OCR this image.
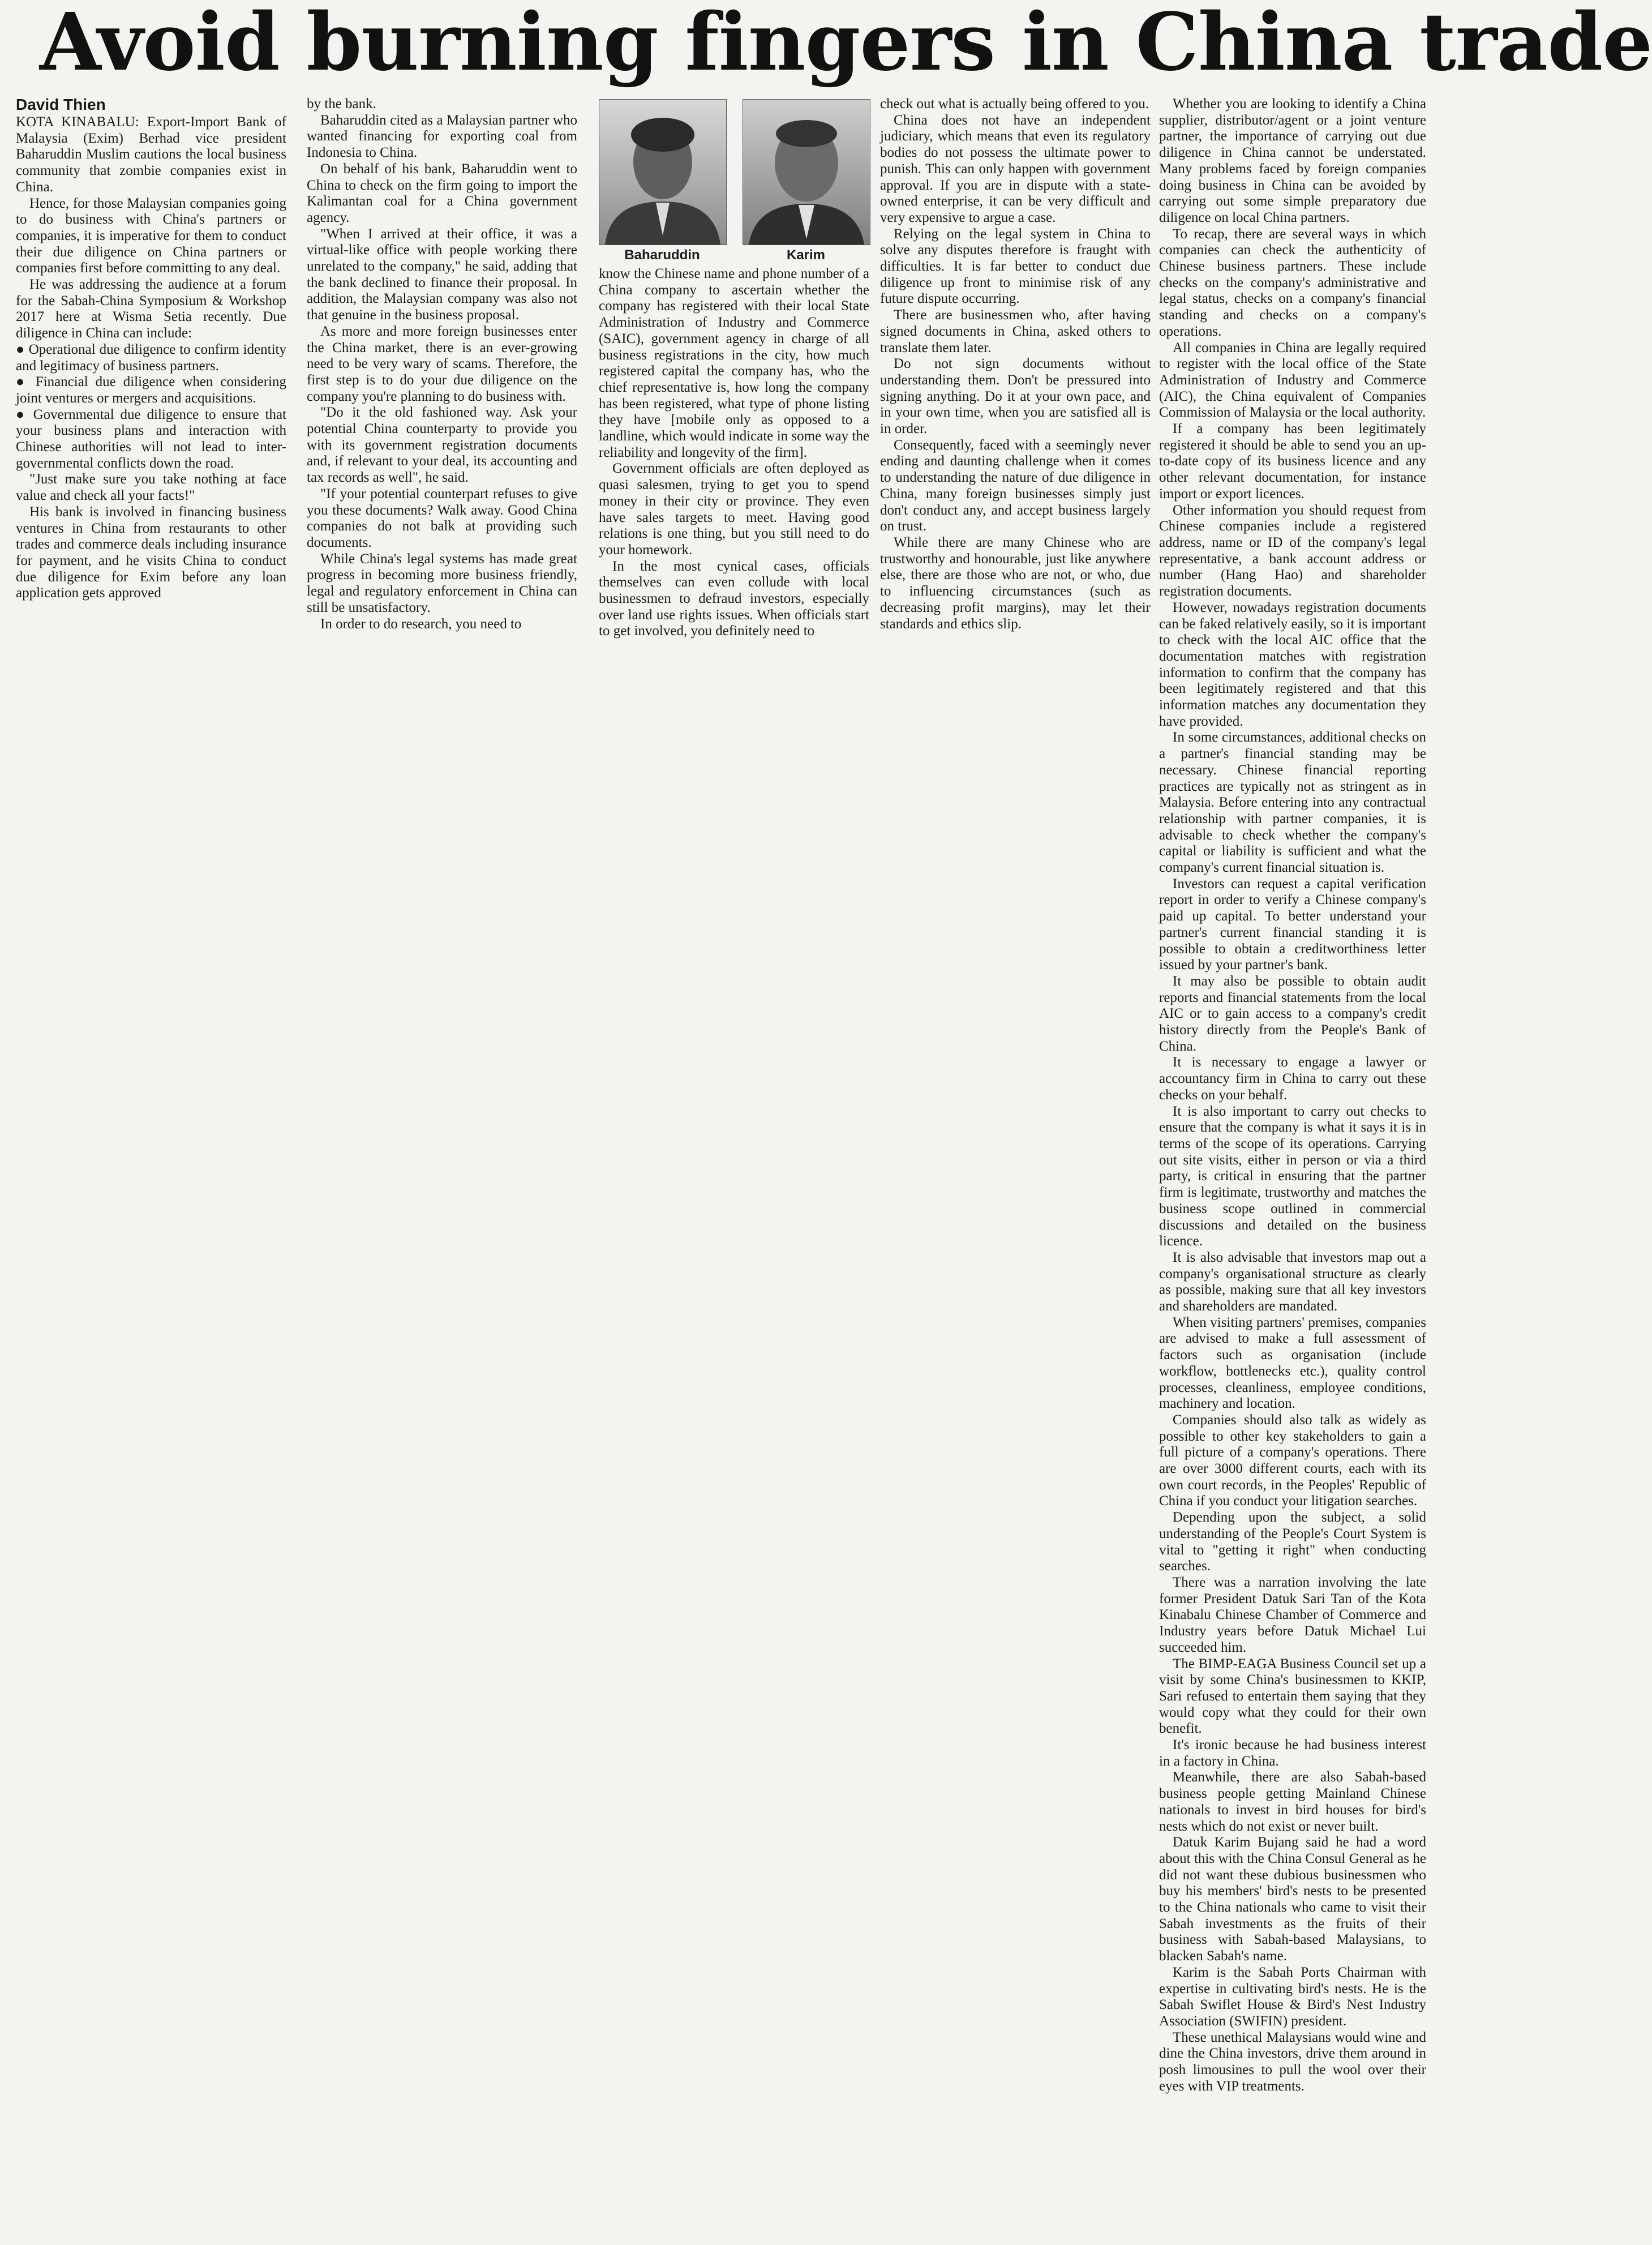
Avoid burning fingers in China trade
David Thien

KOTA KINABALU: Export-Import Bank of Malaysia (Exim) Berhad vice president Baharuddin Muslim cautions the local business community that zombie companies exist in China.

Hence, for those Malaysian companies going to do business with China's partners or companies, it is imperative for them to conduct their due diligence on China partners or companies first before committing to any deal.

He was addressing the audience at a forum for the Sabah-China Symposium & Workshop 2017 here at Wisma Setia recently. Due diligence in China can include:

● Operational due diligence to confirm identity and legitimacy of business partners.

● Financial due diligence when considering joint ventures or mergers and acquisitions.

● Governmental due diligence to ensure that your business plans and interaction with Chinese authorities will not lead to inter-governmental conflicts down the road.

"Just make sure you take nothing at face value and check all your facts!"

His bank is involved in financing business ventures in China from restaurants to other trades and commerce deals including insurance for payment, and he visits China to conduct due diligence for Exim before any loan application gets approved

by the bank.

Baharuddin cited as a Malaysian partner who wanted financing for exporting coal from Indonesia to China.

On behalf of his bank, Baharuddin went to China to check on the firm going to import the Kalimantan coal for a China government agency.

"When I arrived at their office, it was a virtual-like office with people working there unrelated to the company," he said, adding that the bank declined to finance their proposal. In addition, the Malaysian company was also not that genuine in the business proposal.

As more and more foreign businesses enter the China market, there is an ever-growing need to be very wary of scams. Therefore, the first step is to do your due diligence on the company you're planning to do business with.

"Do it the old fashioned way. Ask your potential China counterparty to provide you with its government registration documents and, if relevant to your deal, its accounting and tax records as well", he said.

"If your potential counterpart refuses to give you these documents? Walk away. Good China companies do not balk at providing such documents.

While China's legal systems has made great progress in becoming more business friendly, legal and regulatory enforcement in China can still be unsatisfactory.

In order to do research, you need to

Baharuddin	Karim

know the Chinese name and phone number of a China company to ascertain whether the company has registered with their local State Administration of Industry and Commerce (SAIC), government agency in charge of all business registrations in the city, how much registered capital the company has, who the chief representative is, how long the company has been registered, what type of phone listing they have [mobile only as opposed to a landline, which would indicate in some way the reliability and longevity of the firm].

Government officials are often deployed as quasi salesmen, trying to get you to spend money in their city or province. They even have sales targets to meet. Having good relations is one thing, but you still need to do your homework.

In the most cynical cases, officials themselves can even collude with local businessmen to defraud investors, especially over land use rights issues. When officials start to get involved, you definitely need to

check out what is actually being offered to you.

China does not have an independent judiciary, which means that even its regulatory bodies do not possess the ultimate power to punish. This can only happen with government approval. If you are in dispute with a state-owned enterprise, it can be very difficult and very expensive to argue a case.

Relying on the legal system in China to solve any disputes therefore is fraught with difficulties. It is far better to conduct due diligence up front to minimise risk of any future dispute occurring.

There are businessmen who, after having signed documents in China, asked others to translate them later.

Do not sign documents without understanding them. Don't be pressured into signing anything. Do it at your own pace, and in your own time, when you are satisfied all is in order.

Consequently, faced with a seemingly never ending and daunting challenge when it comes to understanding the nature of due diligence in China, many foreign businesses simply just don't conduct any, and accept business largely on trust.

While there are many Chinese who are trustworthy and honourable, just like anywhere else, there are those who are not, or who, due to influencing circumstances (such as decreasing profit margins), may let their standards and ethics slip.

Whether you are looking to identify a China supplier, distributor/agent or a joint venture partner, the importance of carrying out due diligence in China cannot be understated. Many problems faced by foreign companies doing business in China can be avoided by carrying out some simple preparatory due diligence on local China partners.

To recap, there are several ways in which companies can check the authenticity of Chinese business partners. These include checks on the company's administrative and legal status, checks on a company's financial standing and checks on a company's operations.

All companies in China are legally required to register with the local office of the State Administration of Industry and Commerce (AIC), the China equivalent of Companies Commission of Malaysia or the local authority.

If a company has been legitimately registered it should be able to send you an up-to-date copy of its business licence and any other relevant documentation, for instance import or export licences.

Other information you should request from Chinese companies include a registered address, name or ID of the company's legal representative, a bank account address or number (Hang Hao) and shareholder registration documents.

However, nowadays registration documents can be faked relatively easily, so it is important to check with the local AIC office that the documentation matches with registration information to confirm that the company has been legitimately registered and that this information matches any documentation they have provided.

In some circumstances, additional checks on a partner's financial standing may be necessary. Chinese financial reporting practices are typically not as stringent as in Malaysia. Before entering into any contractual relationship with partner companies, it is advisable to check whether the company's capital or liability is sufficient and what the company's current financial situation is.

Investors can request a capital verification report in order to verify a Chinese company's paid up capital. To better understand your partner's current financial standing it is possible to obtain a creditworthiness letter issued by your partner's bank.

It may also be possible to obtain audit reports and financial statements from the local AIC or to gain access to a company's credit history directly from the People's Bank of China.

It is necessary to engage a lawyer or accountancy firm in China to carry out these checks on your behalf.

It is also important to carry out checks to ensure that the company is what it says it is in terms of the scope of its operations. Carrying out site visits, either in person or via a third party, is critical in ensuring that the partner firm is legitimate, trustworthy and matches the business scope outlined in commercial discussions and detailed on the business licence.

It is also advisable that investors map out a company's organisational structure as clearly as possible, making sure that all key investors and shareholders are mandated.

When visiting partners' premises, companies are advised to make a full assessment of factors such as organisation (include workflow, bottlenecks etc.), quality control processes, cleanliness, employee conditions, machinery and location.

Companies should also talk as widely as possible to other key stakeholders to gain a full picture of a company's operations. There are over 3000 different courts, each with its own court records, in the Peoples' Republic of China if you conduct your litigation searches.

Depending upon the subject, a solid understanding of the People's Court System is vital to "getting it right" when conducting searches.

There was a narration involving the late former President Datuk Sari Tan of the Kota Kinabalu Chinese Chamber of Commerce and Industry years before Datuk Michael Lui succeeded him.

The BIMP-EAGA Business Council set up a visit by some China's businessmen to KKIP, Sari refused to entertain them saying that they would copy what they could for their own benefit.

It's ironic because he had business interest in a factory in China.

Meanwhile, there are also Sabah-based business people getting Mainland Chinese nationals to invest in bird houses for bird's nests which do not exist or never built.

Datuk Karim Bujang said he had a word about this with the China Consul General as he did not want these dubious businessmen who buy his members' bird's nests to be presented to the China nationals who came to visit their Sabah investments as the fruits of their business with Sabah-based Malaysians, to blacken Sabah's name.

Karim is the Sabah Ports Chairman with expertise in cultivating bird's nests. He is the Sabah Swiflet House & Bird's Nest Industry Association (SWIFIN) president.

These unethical Malaysians would wine and dine the China investors, drive them around in posh limousines to pull the wool over their eyes with VIP treatments.
